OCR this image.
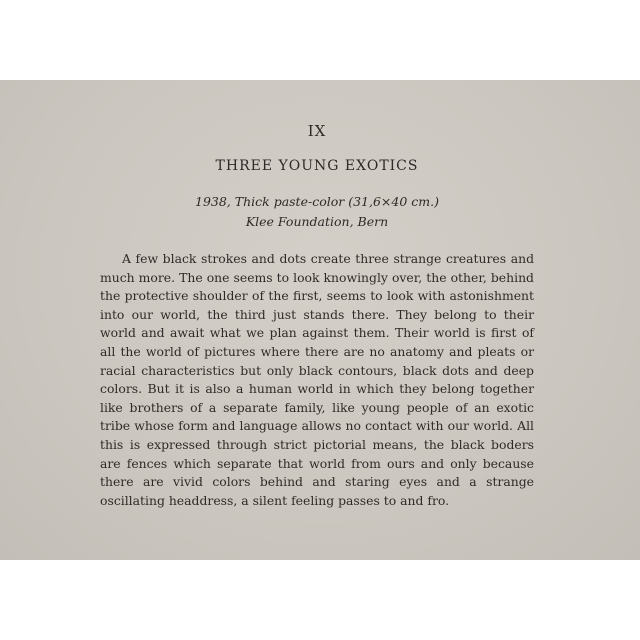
IX
THREE YOUNG EXOTICS
1938, Thick paste-color (31,6×40 cm.)
Klee Foundation, Bern
A few black strokes and dots create three strange creatures and much more. The one seems to look knowingly over, the other, behind the protective shoulder of the first, seems to look with astonishment into our world, the third just stands there. They belong to their world and await what we plan against them. Their world is first of all the world of pictures where there are no anatomy and pleats or racial characteristics but only black contours, black dots and deep colors. But it is also a human world in which they belong together like brothers of a separate family, like young people of an exotic tribe whose form and language allows no contact with our world. All this is expressed through strict pictorial means, the black boders are fences which separate that world from ours and only because there are vivid colors behind and staring eyes and a strange oscillating headdress, a silent feeling passes to and fro.
